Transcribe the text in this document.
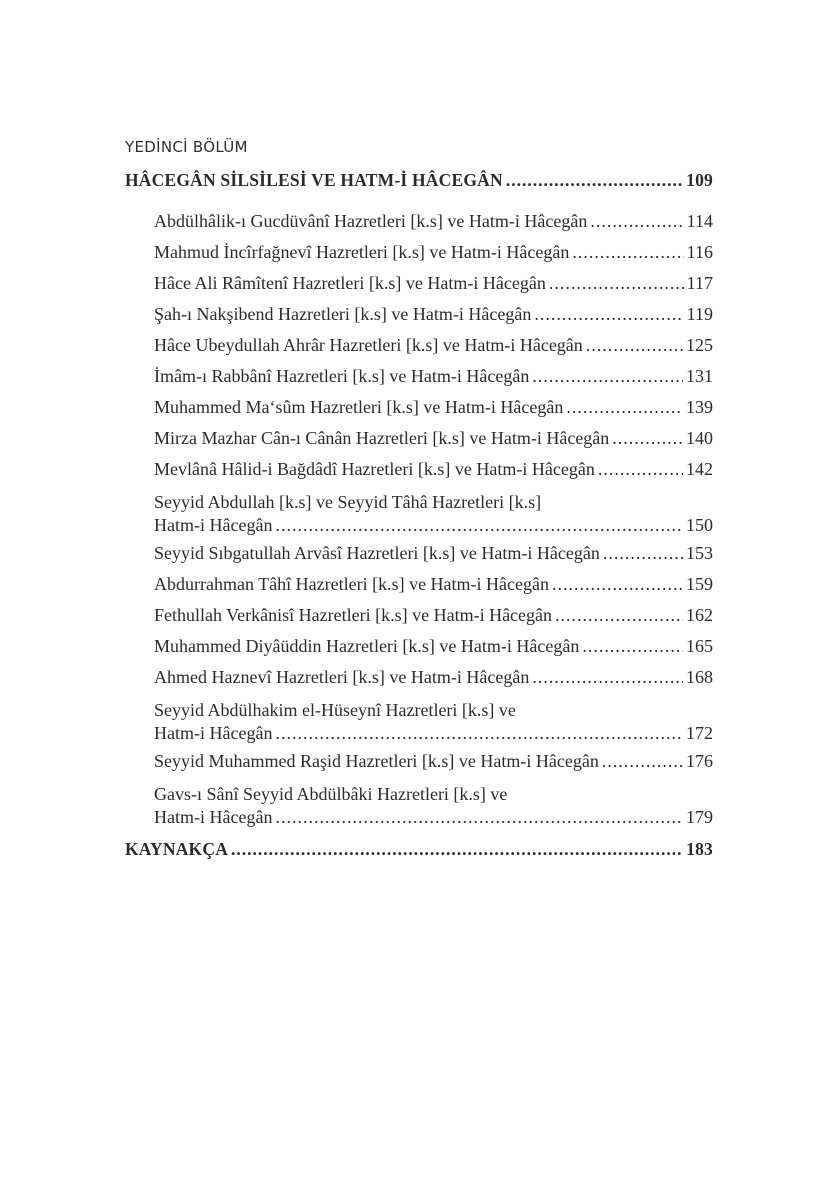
YEDİNCİ BÖLÜM
HÂCEGÂN SİLSİLESİ VE HATM-İ HÂCEGÂN .....	109
Abdülhâlik-ı Gucdüvânî Hazretleri [k.s] ve Hatm-i Hâcegân .....	114
Mahmud İncîrfağnevî Hazretleri [k.s] ve Hatm-i Hâcegân .....	116
Hâce Ali Râmîtenî Hazretleri [k.s] ve Hatm-i Hâcegân .....	117
Şah-ı Nakşibend Hazretleri [k.s] ve Hatm-i Hâcegân .....	119
Hâce Ubeydullah Ahrâr Hazretleri [k.s] ve Hatm-i Hâcegân .....	125
İmâm-ı Rabbânî Hazretleri [k.s] ve Hatm-i Hâcegân .....	131
Muhammed Ma‘sûm Hazretleri [k.s] ve Hatm-i Hâcegân .....	139
Mirza Mazhar Cân-ı Cânân Hazretleri [k.s] ve Hatm-i Hâcegân .....	140
Mevlânâ Hâlid-i Bağdâdî Hazretleri [k.s] ve Hatm-i Hâcegân .....	142
Seyyid Abdullah [k.s] ve Seyyid Tâhâ Hazretleri [k.s]
Hatm-i Hâcegân .....	150
Seyyid Sıbgatullah Arvâsî Hazretleri [k.s] ve Hatm-i Hâcegân .....	153
Abdurrahman Tâhî Hazretleri [k.s] ve Hatm-i Hâcegân .....	159
Fethullah Verkânisî Hazretleri [k.s] ve Hatm-i Hâcegân .....	162
Muhammed Diyâüddin Hazretleri [k.s] ve Hatm-i Hâcegân .....	165
Ahmed Haznevî Hazretleri [k.s] ve Hatm-i Hâcegân .....	168
Seyyid Abdülhakim el-Hüseynî Hazretleri [k.s] ve
Hatm-i Hâcegân .....	172
Seyyid Muhammed Raşid Hazretleri [k.s] ve Hatm-i Hâcegân .....	176
Gavs-ı Sânî Seyyid Abdülbâki Hazretleri [k.s] ve
Hatm-i Hâcegân .....	179
KAYNAKÇA .....	183
